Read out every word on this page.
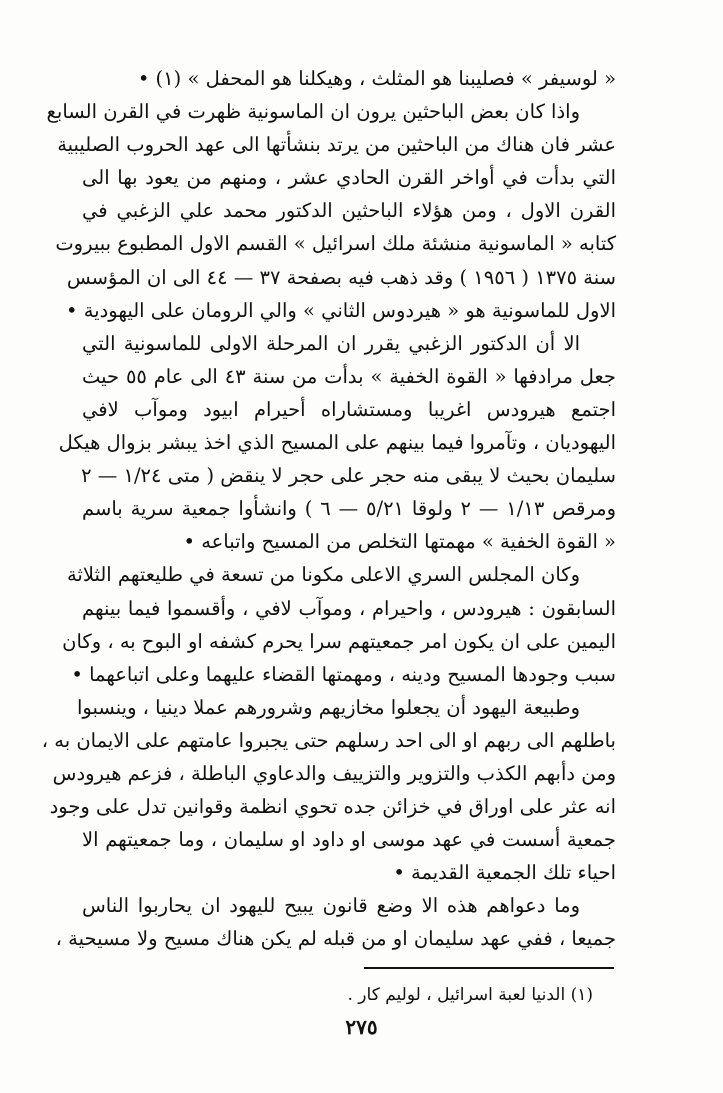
« لوسيفر » فصليبنا هو المثلث ، وهيكلنا هو المحفل » (١) •
واذا كان بعض الباحثين يرون ان الماسونية ظهرت في القرن السابع
عشر فان هناك من الباحثين من يرتد بنشأتها الى عهد الحروب الصليبية
التي بدأت في أواخر القرن الحادي عشر ، ومنهم من يعود بها الى
القرن الاول ، ومن هؤلاء الباحثين الدكتور محمد علي الزغبي في
كتابه « الماسونية منشئة ملك اسرائيل » القسم الاول المطبوع ببيروت
سنة ١٣٧٥ ( ١٩٥٦ ) وقد ذهب فيه بصفحة ٣٧ — ٤٤ الى ان المؤسس
الاول للماسونية هو « هيردوس الثاني » والي الرومان على اليهودية •
الا أن الدكتور الزغبي يقرر ان المرحلة الاولى للماسونية التي
جعل مرادفها « القوة الخفية » بدأت من سنة ٤٣ الى عام ٥٥ حيث
اجتمع هيرودس اغريبا ومستشاراه أحيرام ابيود وموآب لافي
اليهوديان ، وتآمروا فيما بينهم على المسيح الذي اخذ يبشر بزوال هيكل
سليمان بحيث لا يبقى منه حجر على حجر لا ينقض ( متى ١/٢٤ — ٢
ومرقص ١/١٣ — ٢ ولوقا ٥/٢١ — ٦ ) وانشأوا جمعية سرية باسم
« القوة الخفية » مهمتها التخلص من المسيح واتباعه •
وكان المجلس السري الاعلى مكونا من تسعة في طليعتهم الثلاثة
السابقون : هيرودس ، واحيرام ، وموآب لافي ، وأقسموا فيما بينهم
اليمين على ان يكون امر جمعيتهم سرا يحرم كشفه او البوح به ، وكان
سبب وجودها المسيح ودينه ، ومهمتها القضاء عليهما وعلى اتباعهما •
وطبيعة اليهود أن يجعلوا مخازيهم وشرورهم عملا دينيا ، وينسبوا
باطلهم الى ربهم او الى احد رسلهم حتى يجبروا عامتهم على الايمان به ،
ومن دأبهم الكذب والتزوير والتزييف والدعاوي الباطلة ، فزعم هيرودس
انه عثر على اوراق في خزائن جده تحوي انظمة وقوانين تدل على وجود
جمعية أسست في عهد موسى او داود او سليمان ، وما جمعيتهم الا
احياء تلك الجمعية القديمة •
وما دعواهم هذه الا وضع قانون يبيح لليهود ان يحاربوا الناس
جميعا ، ففي عهد سليمان او من قبله لم يكن هناك مسيح ولا مسيحية ،
(١) الدنيا لعبة اسرائيل ، لوليم كار .
٢٧٥
